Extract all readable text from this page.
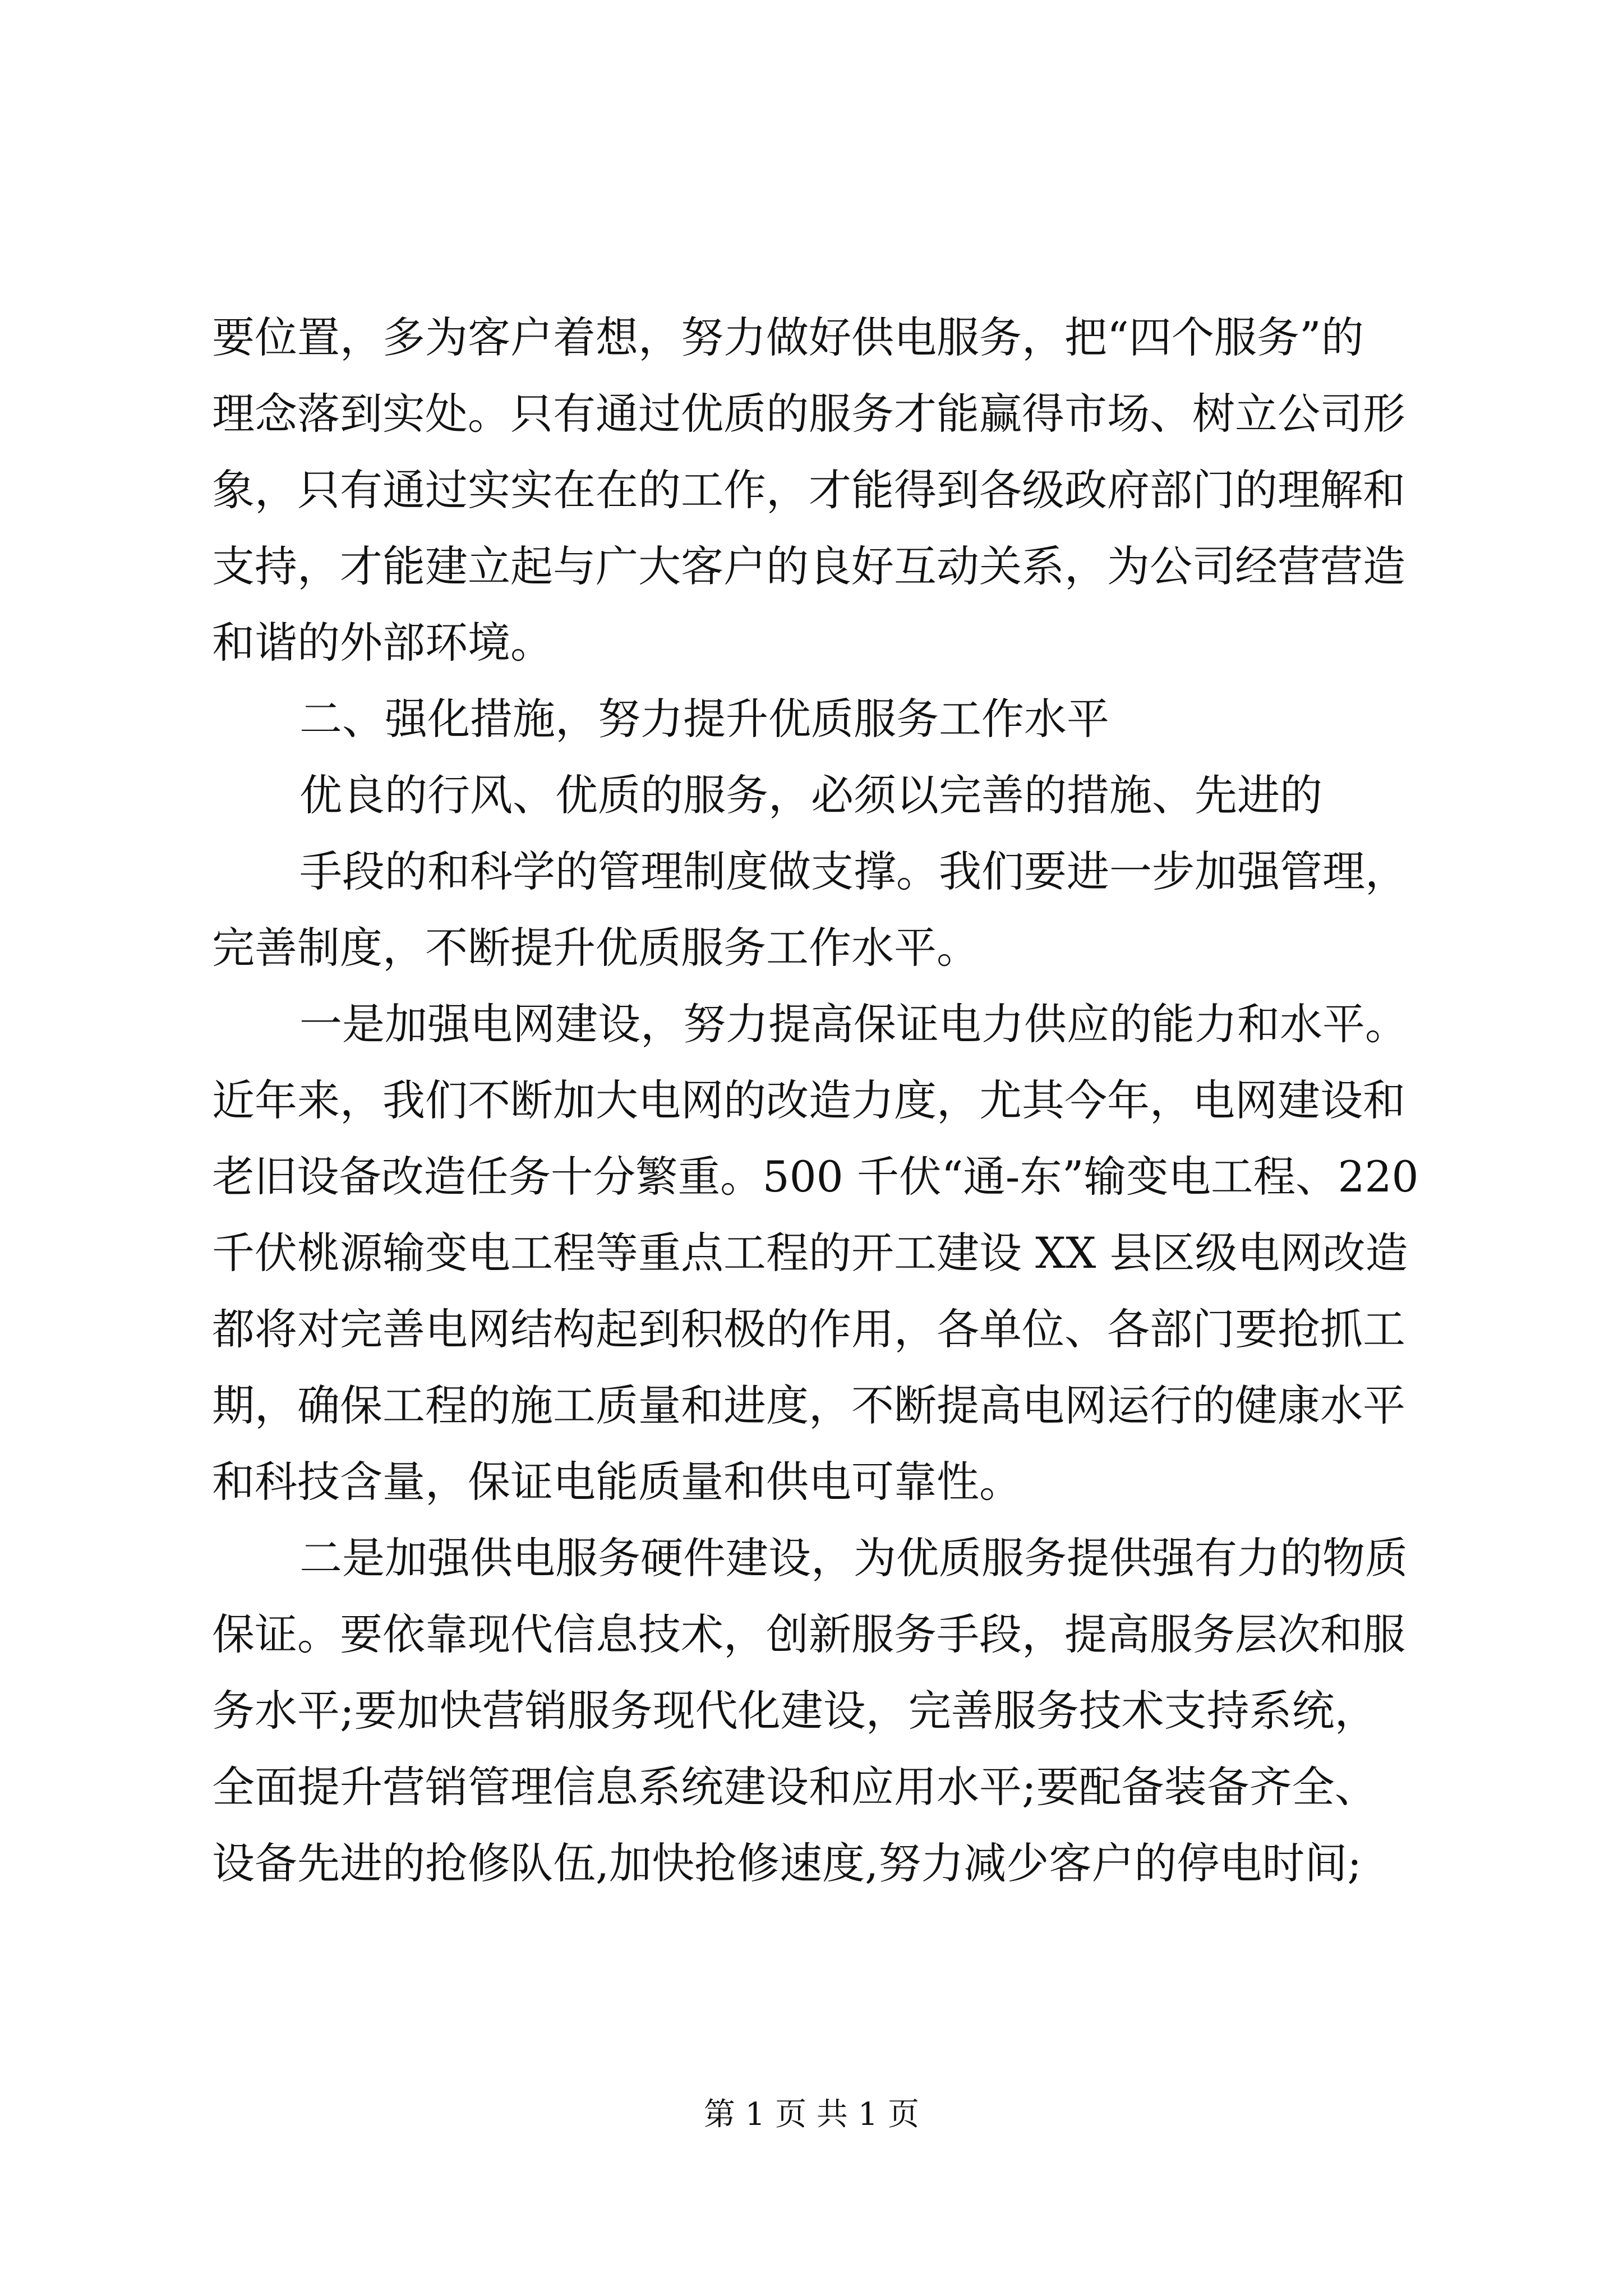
要位置，多为客户着想，努力做好供电服务，把“四个服务”的
理念落到实处。只有通过优质的服务才能赢得市场、树立公司形
象，只有通过实实在在的工作，才能得到各级政府部门的理解和
支持，才能建立起与广大客户的良好互动关系，为公司经营营造
和谐的外部环境。
二、强化措施，努力提升优质服务工作水平
优良的行风、优质的服务，必须以完善的措施、先进的
手段的和科学的管理制度做支撑。我们要进一步加强管理，
完善制度，不断提升优质服务工作水平。
一是加强电网建设，努力提高保证电力供应的能力和水平。
近年来，我们不断加大电网的改造力度，尤其今年，电网建设和
老旧设备改造任务十分繁重。500 千伏“通-东”输变电工程、220
千伏桃源输变电工程等重点工程的开工建设 XX 县区级电网改造
都将对完善电网结构起到积极的作用，各单位、各部门要抢抓工
期，确保工程的施工质量和进度，不断提高电网运行的健康水平
和科技含量，保证电能质量和供电可靠性。
二是加强供电服务硬件建设，为优质服务提供强有力的物质
保证。要依靠现代信息技术，创新服务手段，提高服务层次和服
务水平;要加快营销服务现代化建设，完善服务技术支持系统，
全面提升营销管理信息系统建设和应用水平;要配备装备齐全、
设备先进的抢修队伍,加快抢修速度,努力减少客户的停电时间;
第 1 页 共 1 页
